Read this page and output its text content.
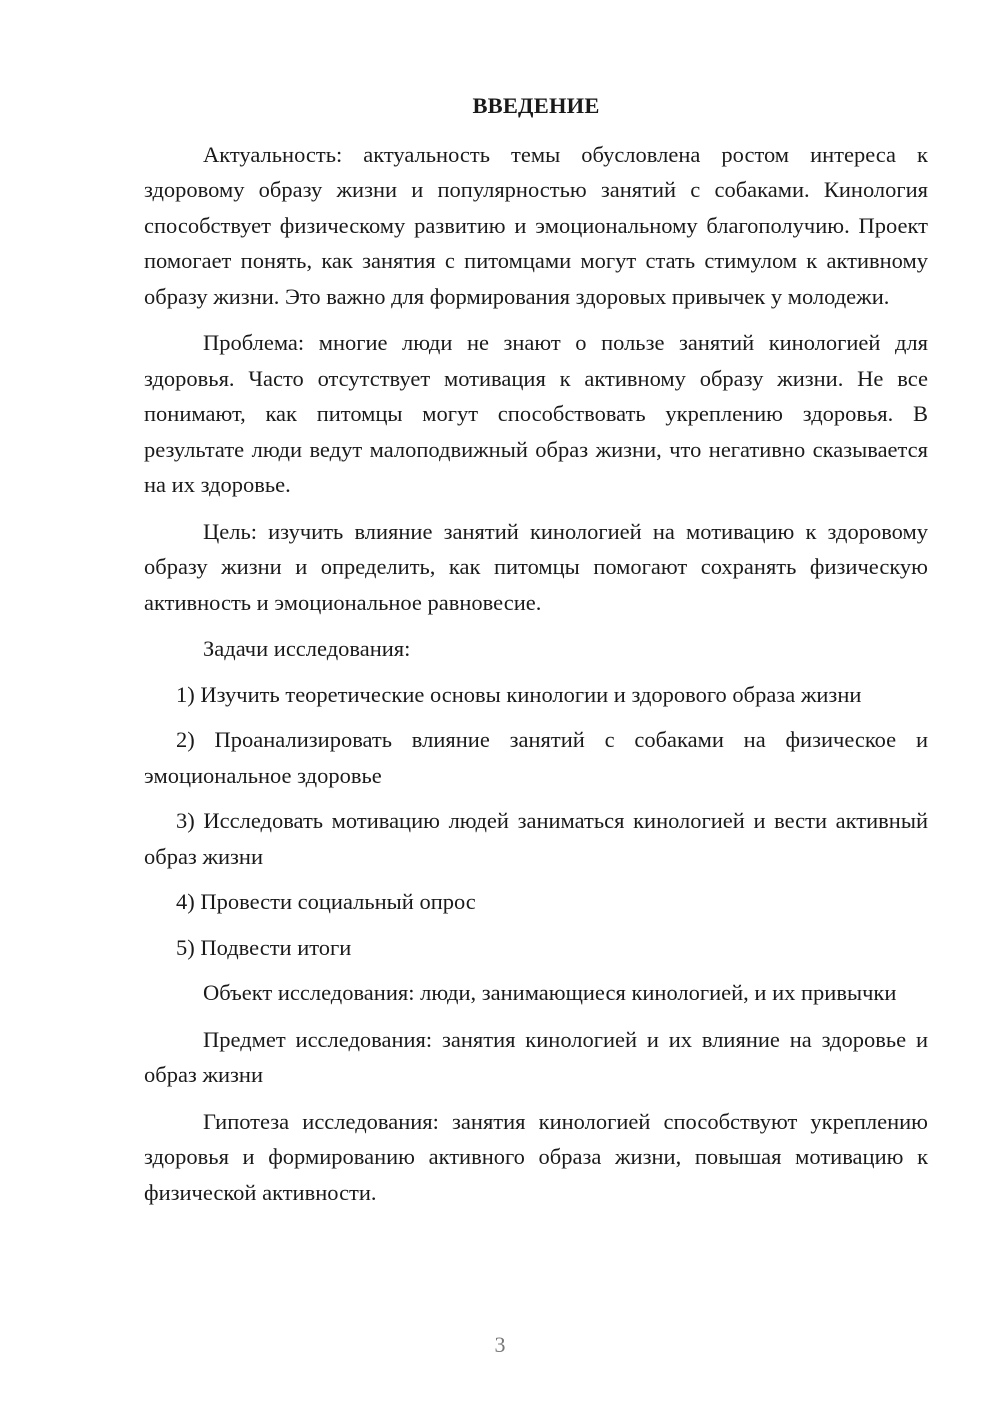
ВВЕДЕНИЕ

Актуальность: актуальность темы обусловлена ростом интереса к здоровому образу жизни и популярностью занятий с собаками. Кинология способствует физическому развитию и эмоциональному благополучию. Проект помогает понять, как занятия с питомцами могут стать стимулом к активному образу жизни. Это важно для формирования здоровых привычек у молодежи.

Проблема: многие люди не знают о пользе занятий кинологией для здоровья. Часто отсутствует мотивация к активному образу жизни. Не все понимают, как питомцы могут способствовать укреплению здоровья. В результате люди ведут малоподвижный образ жизни, что негативно сказывается на их здоровье.

Цель: изучить влияние занятий кинологией на мотивацию к здоровому образу жизни и определить, как питомцы помогают сохранять физическую активность и эмоциональное равновесие.

Задачи исследования:

1) Изучить теоретические основы кинологии и здорового образа жизни

2) Проанализировать влияние занятий с собаками на физическое и эмоциональное здоровье

3) Исследовать мотивацию людей заниматься кинологией и вести активный образ жизни

4) Провести социальный опрос

5) Подвести итоги

Объект исследования: люди, занимающиеся кинологией, и их привычки

Предмет исследования: занятия кинологией и их влияние на здоровье и образ жизни

Гипотеза исследования: занятия кинологией способствуют укреплению здоровья и формированию активного образа жизни, повышая мотивацию к физической активности.

3
